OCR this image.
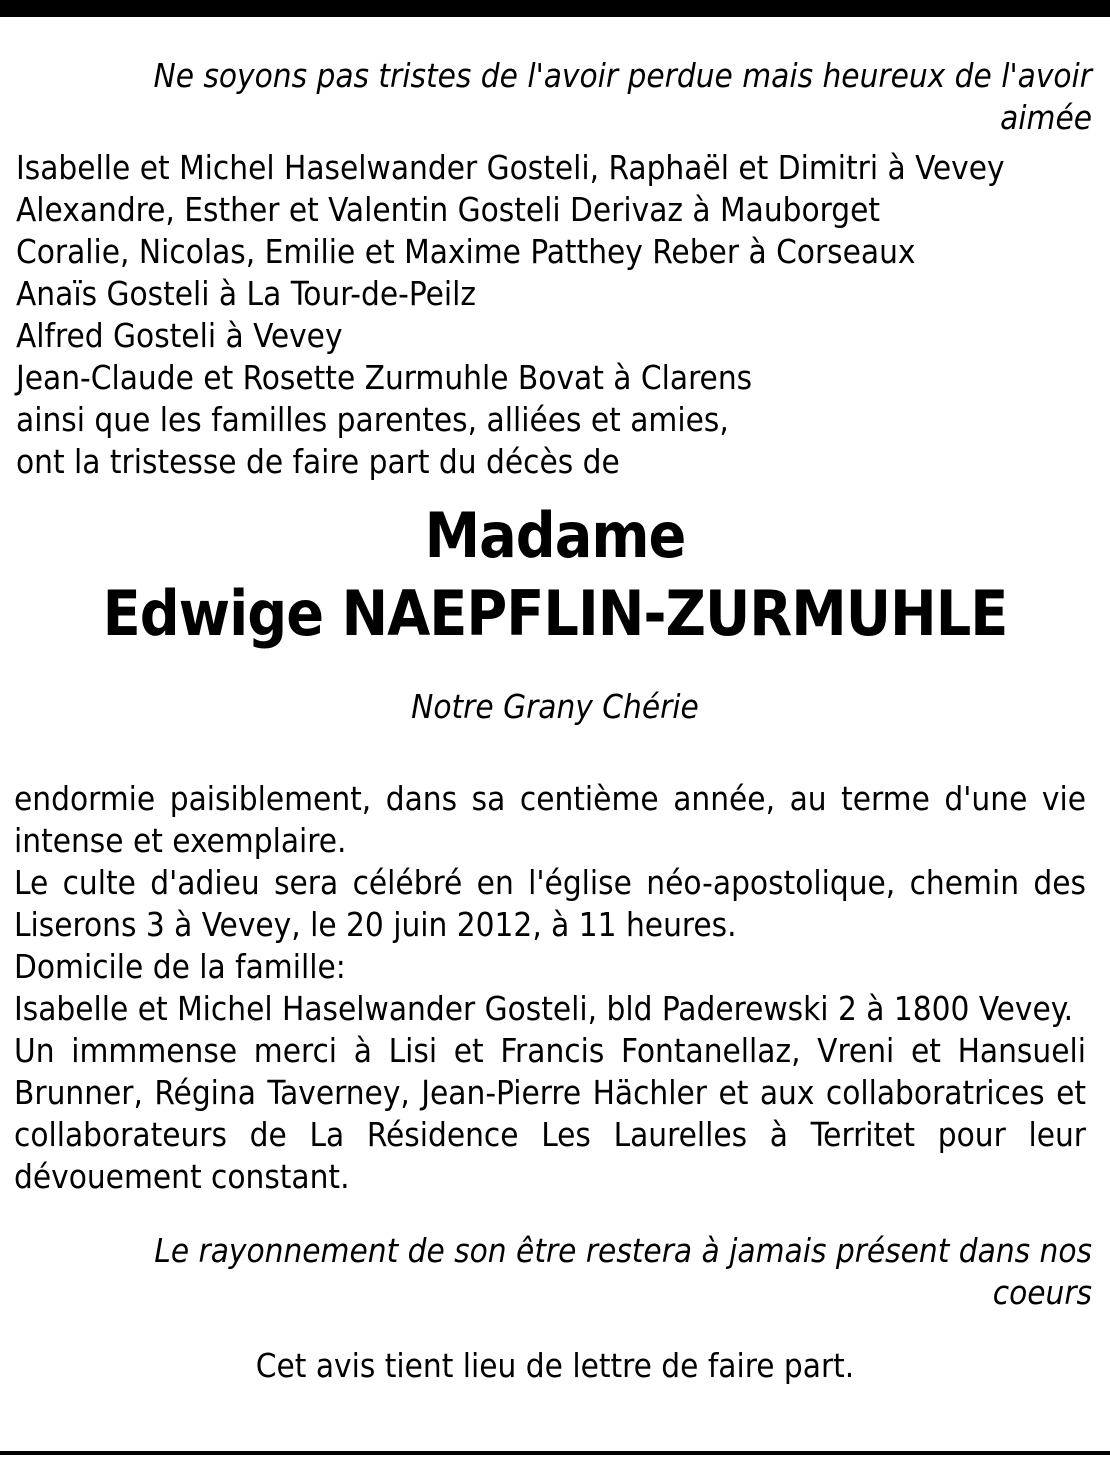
Ne soyons pas tristes de l'avoir perdue mais heureux de l'avoir aimée
Isabelle et Michel Haselwander Gosteli, Raphaël et Dimitri à Vevey
Alexandre, Esther et Valentin Gosteli Derivaz à Mauborget
Coralie, Nicolas, Emilie et Maxime Patthey Reber à Corseaux
Anaïs Gosteli à La Tour-de-Peilz
Alfred Gosteli à Vevey
Jean-Claude et Rosette Zurmuhle Bovat à Clarens
ainsi que les familles parentes, alliées et amies,
ont la tristesse de faire part du décès de
Madame
Edwige NAEPFLIN-ZURMUHLE
Notre Grany Chérie

endormie paisiblement, dans sa centième année, au terme d'une vie intense et exemplaire.

Le culte d'adieu sera célébré en l'église néo-apostolique, chemin des Liserons 3 à Vevey, le 20 juin 2012, à 11 heures.

Domicile de la famille:

Isabelle et Michel Haselwander Gosteli, bld Paderewski 2 à 1800 Vevey.

Un immmense merci à Lisi et Francis Fontanellaz, Vreni et Hansueli Brunner, Régina Taverney, Jean-Pierre Hächler et aux collaboratrices et collaborateurs de La Résidence Les Laurelles à Territet pour leur dévouement constant.

Le rayonnement de son être restera à jamais présent dans nos coeurs
Cet avis tient lieu de lettre de faire part.
